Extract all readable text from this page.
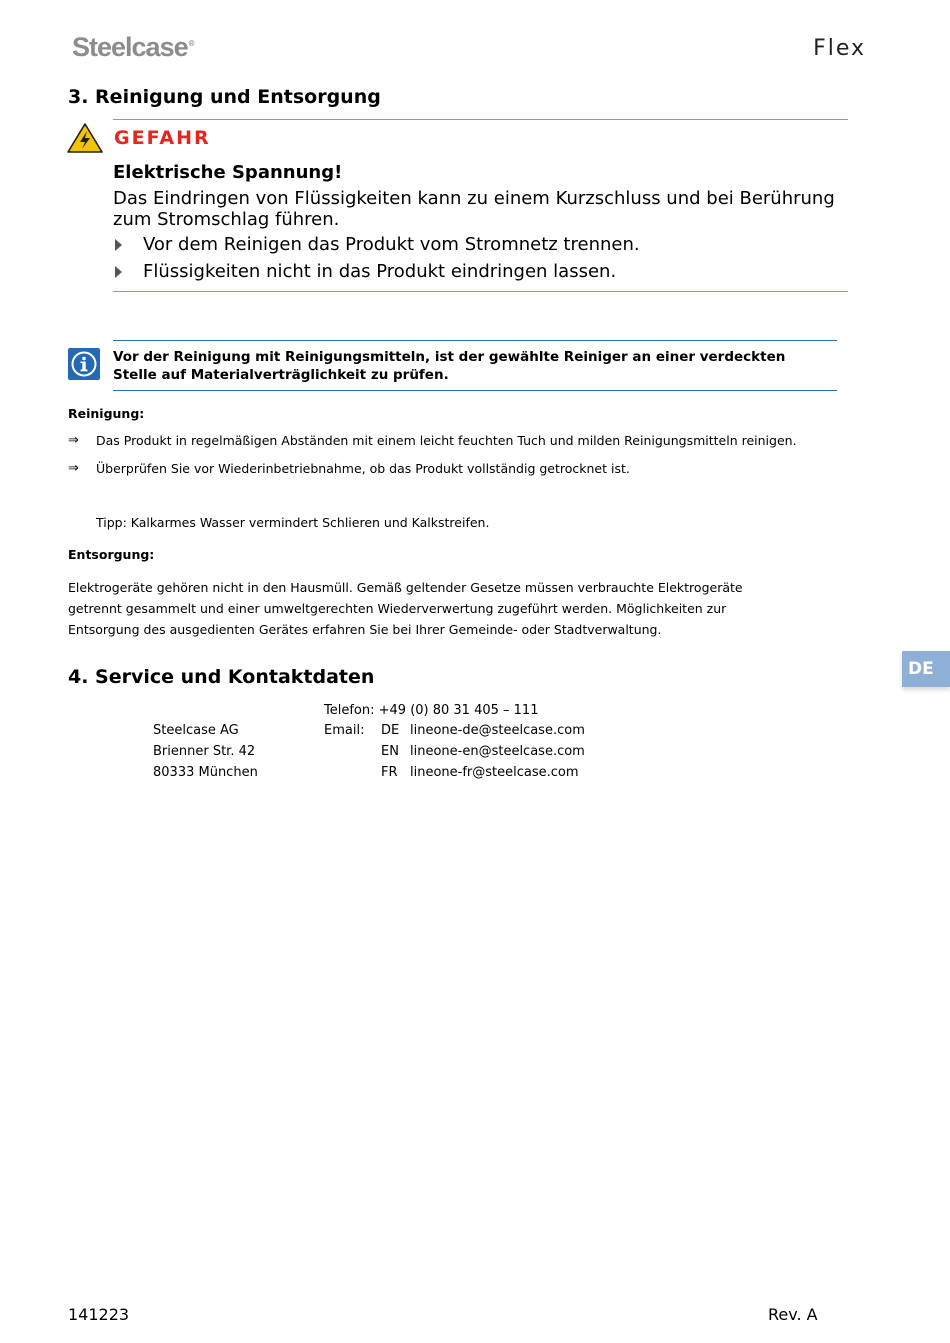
Steelcase®	Flex
3. Reinigung und Entsorgung
GEFAHR
Elektrische Spannung!
Das Eindringen von Flüssigkeiten kann zu einem Kurzschluss und bei Berührung zum Stromschlag führen.
Vor dem Reinigen das Produkt vom Stromnetz trennen.
Flüssigkeiten nicht in das Produkt eindringen lassen.
Vor der Reinigung mit Reinigungsmitteln, ist der gewählte Reiniger an einer verdeckten Stelle auf Materialverträglichkeit zu prüfen.
Reinigung:
⇒	Das Produkt in regelmäßigen Abständen mit einem leicht feuchten Tuch und milden Reinigungsmitteln reinigen.
⇒	Überprüfen Sie vor Wiederinbetriebnahme, ob das Produkt vollständig getrocknet ist.
Tipp: Kalkarmes Wasser vermindert Schlieren und Kalkstreifen.
Entsorgung:
Elektrogeräte gehören nicht in den Hausmüll. Gemäß geltender Gesetze müssen verbrauchte Elektrogeräte getrennt gesammelt und einer umweltgerechten Wiederverwertung zugeführt werden. Möglichkeiten zur Entsorgung des ausgedienten Gerätes erfahren Sie bei Ihrer Gemeinde- oder Stadtverwaltung.
DE
4. Service und Kontaktdaten
Telefon: +49 (0) 80 31 405 – 111
Steelcase AG
Brienner Str. 42
80333 München
Email: DE lineone-de@steelcase.com
EN lineone-en@steelcase.com
FR lineone-fr@steelcase.com
141223	Rev. A
